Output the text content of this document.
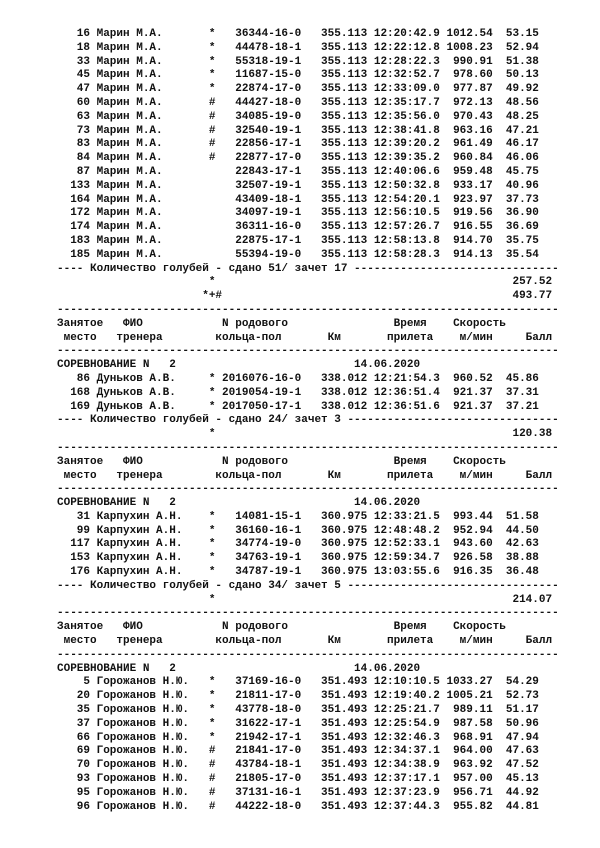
16 Марин М.А.       *   36344-16-0   355.113 12:20:42.9 1012.54  53.15
18 Марин М.А.       *   44478-18-1   355.113 12:22:12.8 1008.23  52.94
33 Марин М.А.       *   55318-19-1   355.113 12:28:22.3  990.91  51.38
45 Марин М.А.       *   11687-15-0   355.113 12:32:52.7  978.60  50.13
47 Марин М.А.       *   22874-17-0   355.113 12:33:09.0  977.87  49.92
60 Марин М.А.       #   44427-18-0   355.113 12:35:17.7  972.13  48.56
63 Марин М.А.       #   34085-19-0   355.113 12:35:56.0  970.43  48.25
73 Марин М.А.       #   32540-19-1   355.113 12:38:41.8  963.16  47.21
83 Марин М.А.       #   22856-17-1   355.113 12:39:20.2  961.49  46.17
84 Марин М.А.       #   22877-17-0   355.113 12:39:35.2  960.84  46.06
87 Марин М.А.           22843-17-1   355.113 12:40:06.6  959.48  45.75
133 Марин М.А.           32507-19-1   355.113 12:50:32.8  933.17  40.96
164 Марин М.А.           43409-18-1   355.113 12:54:20.1  923.97  37.73
172 Марин М.А.           34097-19-1   355.113 12:56:10.5  919.56  36.90
174 Марин М.А.           36311-16-0   355.113 12:57:26.7  916.55  36.69
183 Марин М.А.           22875-17-1   355.113 12:58:13.8  914.70  35.75
185 Марин М.А.           55394-19-0   355.113 12:58:28.3  914.13  35.54
---- Количество голубей - сдано 51/ зачет 17 -------------------------------
*                                             257.52
*+#                                            493.77
----------------------------------------------------------------------------
Занятое   ФИО            N родового                Время    Скорость
место   тренера        кольца-пол       Км       прилета    м/мин     Балл
----------------------------------------------------------------------------
СОРЕВНОВАНИЕ N   2                           14.06.2020
86 Дуньков А.В.     * 2016076-16-0   338.012 12:21:54.3  960.52  45.86
168 Дуньков А.В.     * 2019054-19-1   338.012 12:36:51.4  921.37  37.31
169 Дуньков А.В.     * 2017050-17-1   338.012 12:36:51.6  921.37  37.21
---- Количество голубей - сдано 24/ зачет 3 --------------------------------
*                                             120.38
----------------------------------------------------------------------------
Занятое   ФИО            N родового                Время    Скорость
место   тренера        кольца-пол       Км       прилета    м/мин     Балл
----------------------------------------------------------------------------
СОРЕВНОВАНИЕ N   2                           14.06.2020
31 Карпухин А.Н.    *   14081-15-1   360.975 12:33:21.5  993.44  51.58
99 Карпухин А.Н.    *   36160-16-1   360.975 12:48:48.2  952.94  44.50
117 Карпухин А.Н.    *   34774-19-0   360.975 12:52:33.1  943.60  42.63
153 Карпухин А.Н.    *   34763-19-1   360.975 12:59:34.7  926.58  38.88
176 Карпухин А.Н.    *   34787-19-1   360.975 13:03:55.6  916.35  36.48
---- Количество голубей - сдано 34/ зачет 5 --------------------------------
*                                             214.07
----------------------------------------------------------------------------
Занятое   ФИО            N родового                Время    Скорость
место   тренера        кольца-пол       Км       прилета    м/мин     Балл
----------------------------------------------------------------------------
СОРЕВНОВАНИЕ N   2                           14.06.2020
5 Горожанов Н.Ю.   *   37169-16-0   351.493 12:10:10.5 1033.27  54.29
20 Горожанов Н.Ю.   *   21811-17-0   351.493 12:19:40.2 1005.21  52.73
35 Горожанов Н.Ю.   *   43778-18-0   351.493 12:25:21.7  989.11  51.17
37 Горожанов Н.Ю.   *   31622-17-1   351.493 12:25:54.9  987.58  50.96
66 Горожанов Н.Ю.   *   21942-17-1   351.493 12:32:46.3  968.91  47.94
69 Горожанов Н.Ю.   #   21841-17-0   351.493 12:34:37.1  964.00  47.63
70 Горожанов Н.Ю.   #   43784-18-1   351.493 12:34:38.9  963.92  47.52
93 Горожанов Н.Ю.   #   21805-17-0   351.493 12:37:17.1  957.00  45.13
95 Горожанов Н.Ю.   #   37131-16-1   351.493 12:37:23.9  956.71  44.92
96 Горожанов Н.Ю.   #   44222-18-0   351.493 12:37:44.3  955.82  44.81
